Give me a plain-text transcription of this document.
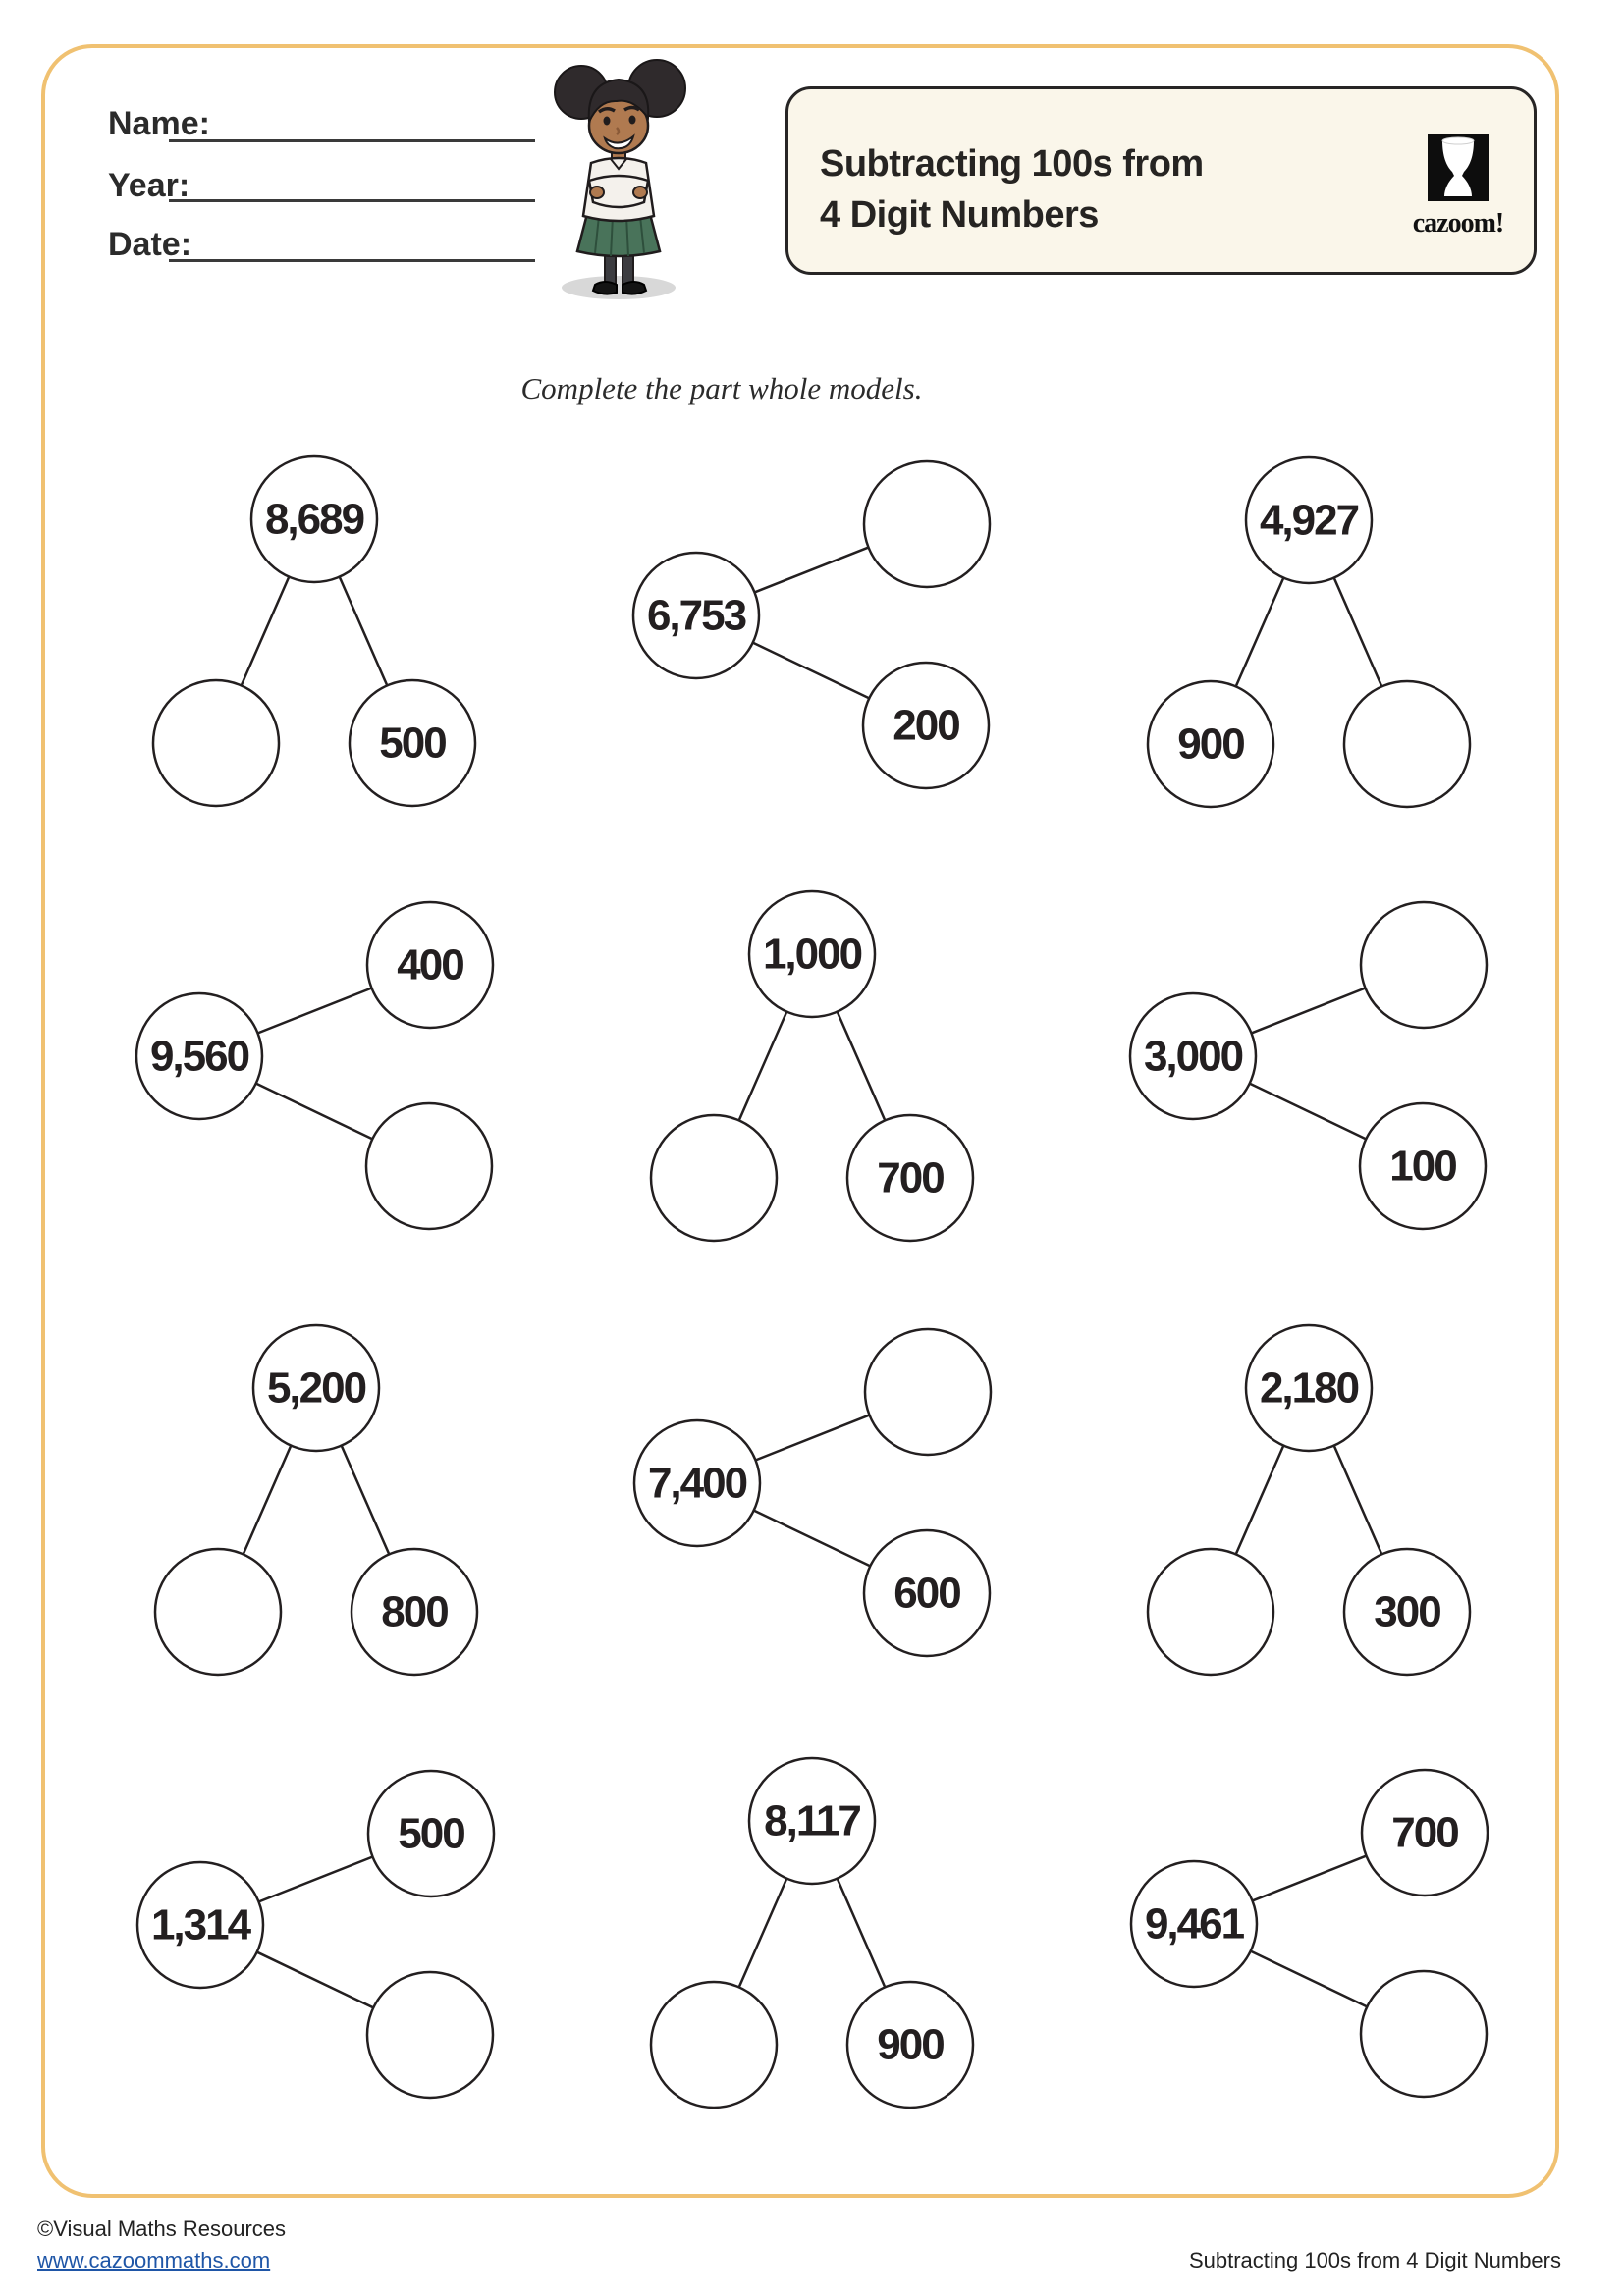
Name:
Year:
Date:
Subtracting 100s from
4 Digit Numbers	cazoom!
Complete the part whole models.
8,689
500
6,753
200
4,927
900
9,560
400	1,000
700
3,000
100
5,200
800
7,400
600
2,180
300
1,314
500	8,117
900
9,461
700
©Visual Maths Resources
www.cazoommaths.com	Subtracting 100s from 4 Digit Numbers
